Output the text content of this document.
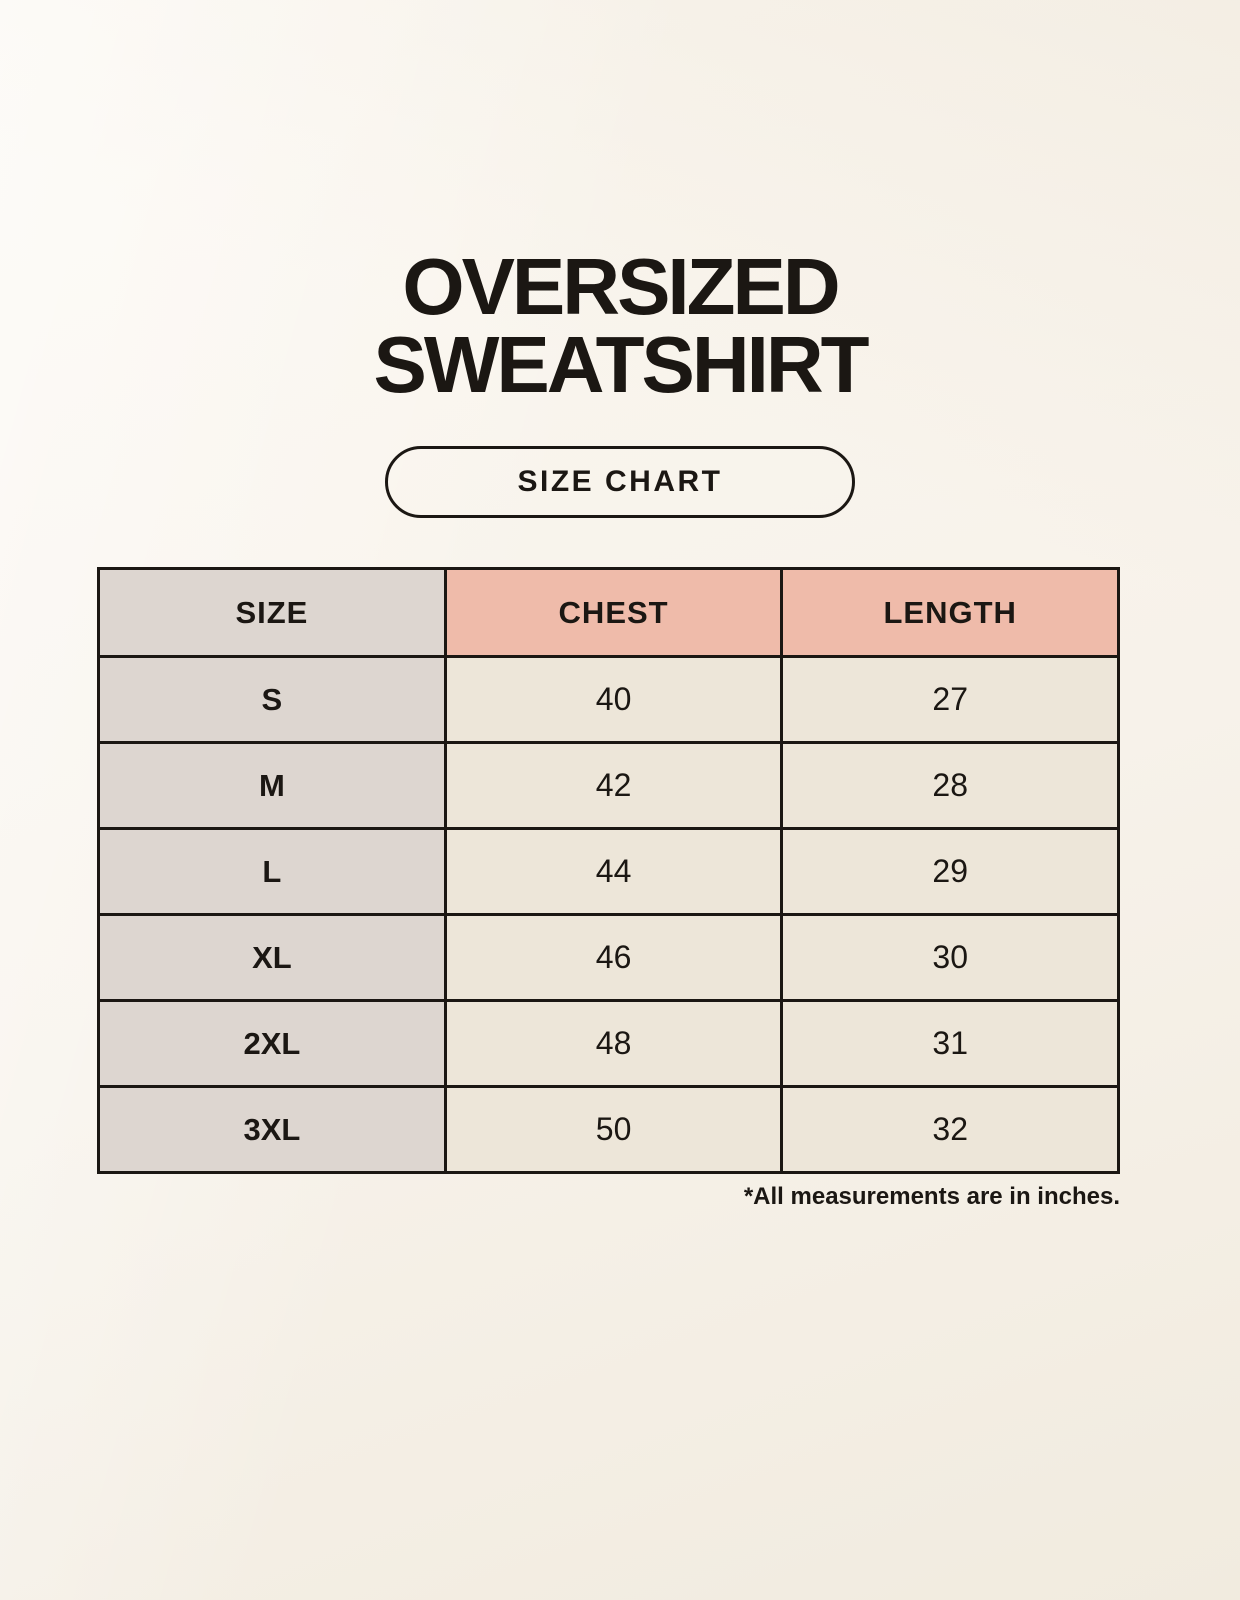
OVERSIZED
SWEATSHIRT
SIZE CHART
SIZE	CHEST	LENGTH
S	40	27
M	42	28
L	44	29
XL	46	30
2XL	48	31
3XL	50	32
*All measurements are in inches.
